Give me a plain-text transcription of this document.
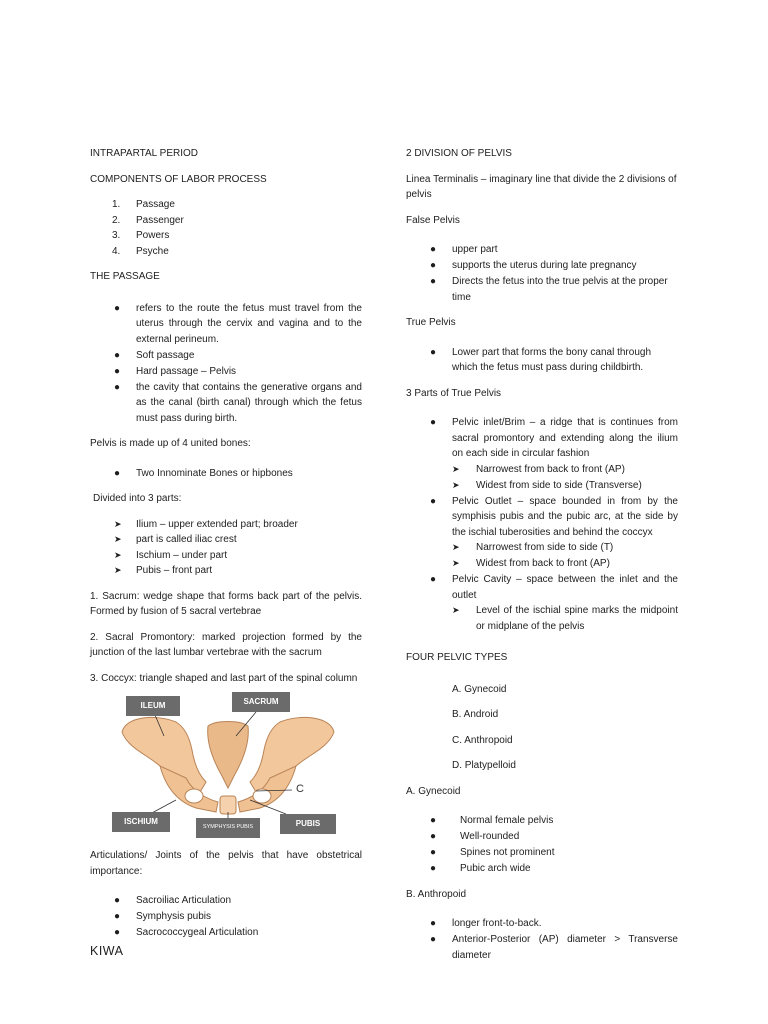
INTRAPARTAL PERIOD

COMPONENTS OF LABOR PROCESS

1. Passage
2. Passenger
3. Powers
4. Psyche

THE PASSAGE

● refers to the route the fetus must travel from the uterus through the cervix and vagina and to the external perineum.
● Soft passage
● Hard passage – Pelvis
● the cavity that contains the generative organs and as the canal (birth canal) through which the fetus must pass during birth.

Pelvis is made up of 4 united bones:

● Two Innominate Bones or hipbones

Divided into 3 parts:

➤ Ilium – upper extended part; broader
➤ part is called iliac crest
➤ Ischium – under part
➤ Pubis – front part

1. Sacrum: wedge shape that forms back part of the pelvis. Formed by fusion of 5 sacral vertebrae

2. Sacral Promontory: marked projection formed by the junction of the last lumbar vertebrae with the sacrum

3. Coccyx: triangle shaped and last part of the spinal column

ILEUM	SACRUM
ISCHIUM
SYMPHYSIS PUBIS	PUBIS
C

Articulations/ Joints of the pelvis that have obstetrical importance:

● Sacroiliac Articulation
● Symphysis pubis
● Sacrococcygeal Articulation

2 DIVISION OF PELVIS

Linea Terminalis – imaginary line that divide the 2 divisions of pelvis

False Pelvis

● upper part
● supports the uterus during late pregnancy
● Directs the fetus into the true pelvis at the proper time

True Pelvis

● Lower part that forms the bony canal through which the fetus must pass during childbirth.

3 Parts of True Pelvis

● Pelvic inlet/Brim – a ridge that is continues from sacral promontory and extending along the ilium on each side in circular fashion
➤ Narrowest from back to front (AP)
➤ Widest from side to side (Transverse)
● Pelvic Outlet – space bounded in from by the symphisis pubis and the pubic arc, at the side by the ischial tuberosities and behind the coccyx
➤ Narrowest from side to side (T)
➤ Widest from back to front (AP)
● Pelvic Cavity – space between the inlet and the outlet
➤ Level of the ischial spine marks the midpoint or midplane of the pelvis

FOUR PELVIC TYPES

A. Gynecoid
B. Android
C. Anthropoid
D. Platypelloid

A. Gynecoid

● Normal female pelvis
● Well-rounded
● Spines not prominent
● Pubic arch wide

B. Anthropoid

● longer front-to-back.
● Anterior-Posterior (AP) diameter > Transverse diameter
KIWA
